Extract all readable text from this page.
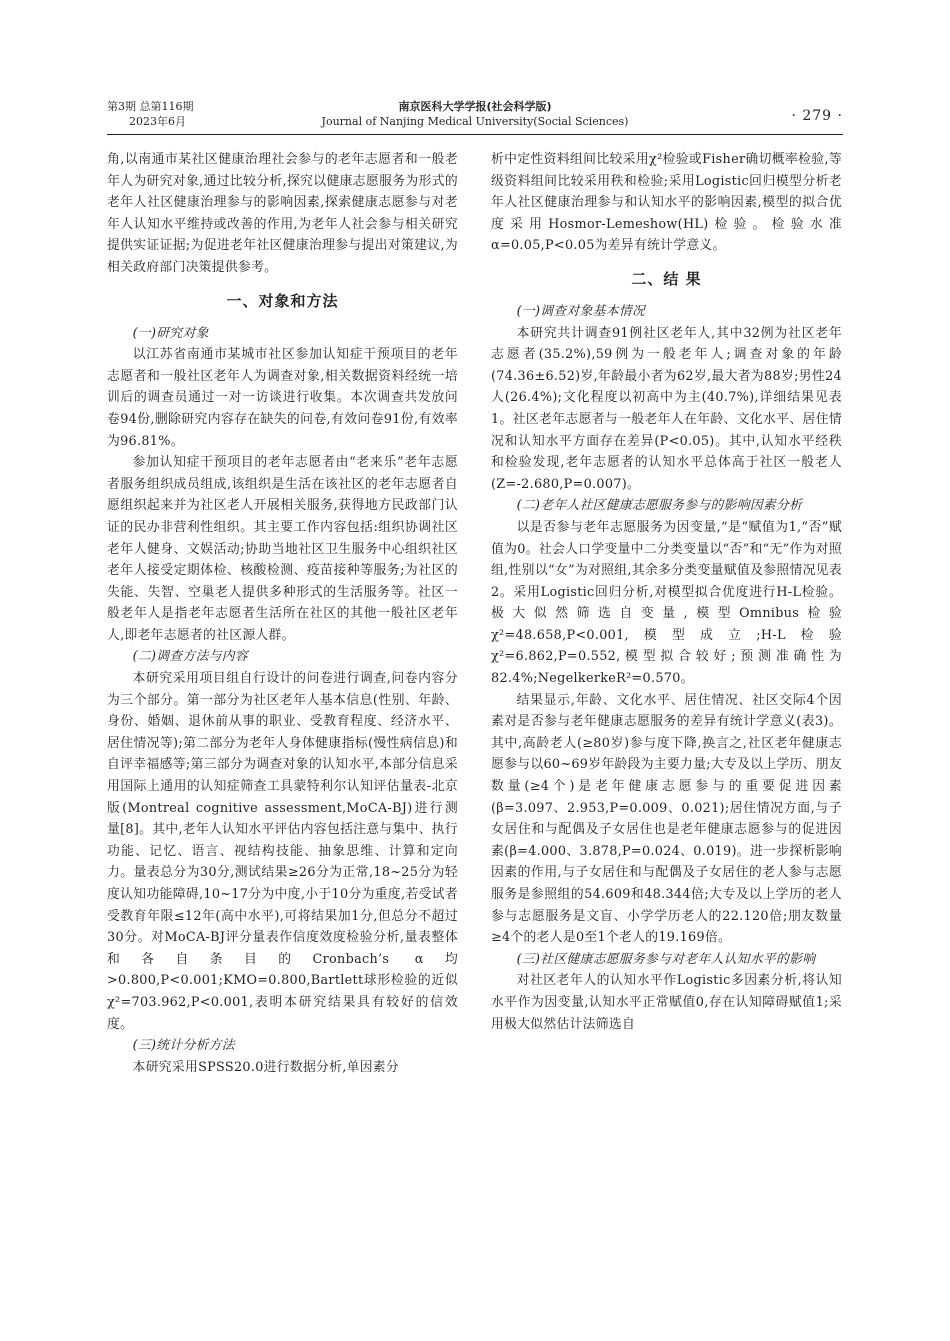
第3期 总第116期
2023年6月
南京医科大学学报(社会科学版)
Journal of Nanjing Medical University(Social Sciences)	· 279 ·

角,以南通市某社区健康治理社会参与的老年志愿者和一般老年人为研究对象,通过比较分析,探究以健康志愿服务为形式的老年人社区健康治理参与的影响因素,探索健康志愿参与对老年人认知水平维持或改善的作用,为老年人社会参与相关研究提供实证证据;为促进老年社区健康治理参与提出对策建议,为相关政府部门决策提供参考。

一、对象和方法

(一)研究对象

以江苏省南通市某城市社区参加认知症干预项目的老年志愿者和一般社区老年人为调查对象,相关数据资料经统一培训后的调查员通过一对一访谈进行收集。本次调查共发放问卷94份,删除研究内容存在缺失的问卷,有效问卷91份,有效率为96.81%。

参加认知症干预项目的老年志愿者由“老来乐”老年志愿者服务组织成员组成,该组织是生活在该社区的老年志愿者自愿组织起来并为社区老人开展相关服务,获得地方民政部门认证的民办非营利性组织。其主要工作内容包括:组织协调社区老年人健身、文娱活动;协助当地社区卫生服务中心组织社区老年人接受定期体检、核酸检测、疫苗接种等服务;为社区的失能、失智、空巢老人提供多种形式的生活服务等。社区一般老年人是指老年志愿者生活所在社区的其他一般社区老年人,即老年志愿者的社区源人群。

(二)调查方法与内容

本研究采用项目组自行设计的问卷进行调查,问卷内容分为三个部分。第一部分为社区老年人基本信息(性别、年龄、身份、婚姻、退休前从事的职业、受教育程度、经济水平、居住情况等);第二部分为老年人身体健康指标(慢性病信息)和自评幸福感等;第三部分为调查对象的认知水平,本部分信息采用国际上通用的认知症筛查工具蒙特利尔认知评估量表-北京版(Montreal cognitive assessment,MoCA-BJ)进行测量[8]。其中,老年人认知水平评估内容包括注意与集中、执行功能、记忆、语言、视结构技能、抽象思维、计算和定向力。量表总分为30分,测试结果≥26分为正常,18~25分为轻度认知功能障碍,10~17分为中度,小于10分为重度,若受试者受教育年限≤12年(高中水平),可将结果加1分,但总分不超过30分。对MoCA-BJ评分量表作信度效度检验分析,量表整体和各自条目的Cronbach’s α均>0.800,P<0.001;KMO=0.800,Bartlett球形检验的近似χ²=703.962,P<0.001,表明本研究结果具有较好的信效度。

(三)统计分析方法

本研究采用SPSS20.0进行数据分析,单因素分

析中定性资料组间比较采用χ²检验或Fisher确切概率检验,等级资料组间比较采用秩和检验;采用Logistic回归模型分析老年人社区健康治理参与和认知水平的影响因素,模型的拟合优度采用Hosmor-Lemeshow(HL)检验。检验水准α=0.05,P<0.05为差异有统计学意义。

二、结 果

(一)调查对象基本情况

本研究共计调查91例社区老年人,其中32例为社区老年志愿者(35.2%),59例为一般老年人;调查对象的年龄(74.36±6.52)岁,年龄最小者为62岁,最大者为88岁;男性24人(26.4%);文化程度以初高中为主(40.7%),详细结果见表1。社区老年志愿者与一般老年人在年龄、文化水平、居住情况和认知水平方面存在差异(P<0.05)。其中,认知水平经秩和检验发现,老年志愿者的认知水平总体高于社区一般老人(Z=-2.680,P=0.007)。

(二)老年人社区健康志愿服务参与的影响因素分析

以是否参与老年志愿服务为因变量,“是”赋值为1,“否”赋值为0。社会人口学变量中二分类变量以“否”和“无”作为对照组,性别以“女”为对照组,其余多分类变量赋值及参照情况见表2。采用Logistic回归分析,对模型拟合优度进行H-L检验。极大似然筛选自变量,模型Omnibus检验χ²=48.658,P<0.001,模型成立;H-L检验χ²=6.862,P=0.552,模型拟合较好;预测准确性为82.4%;NegelkerkeR²=0.570。

结果显示,年龄、文化水平、居住情况、社区交际4个因素对是否参与老年健康志愿服务的差异有统计学意义(表3)。其中,高龄老人(≥80岁)参与度下降,换言之,社区老年健康志愿参与以60~69岁年龄段为主要力量;大专及以上学历、朋友数量(≥4个)是老年健康志愿参与的重要促进因素(β=3.097、2.953,P=0.009、0.021);居住情况方面,与子女居住和与配偶及子女居住也是老年健康志愿参与的促进因素(β=4.000、3.878,P=0.024、0.019)。进一步探析影响因素的作用,与子女居住和与配偶及子女居住的老人参与志愿服务是参照组的54.609和48.344倍;大专及以上学历的老人参与志愿服务是文盲、小学学历老人的22.120倍;朋友数量≥4个的老人是0至1个老人的19.169倍。

(三)社区健康志愿服务参与对老年人认知水平的影响

对社区老年人的认知水平作Logistic多因素分析,将认知水平作为因变量,认知水平正常赋值0,存在认知障碍赋值1;采用极大似然估计法筛选自
